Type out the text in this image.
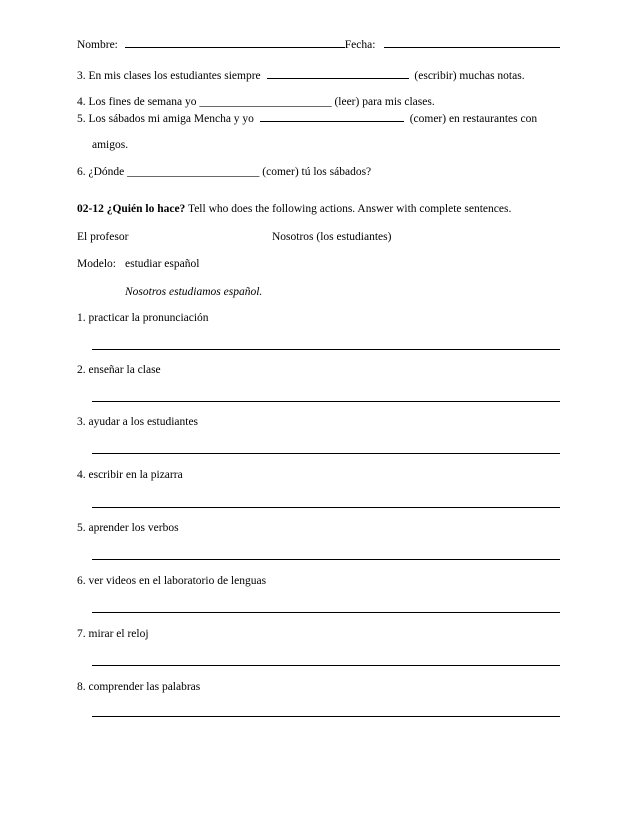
Nombre:	Fecha:
3. En mis clases los estudiantes siempre	(escribir) muchas notas.
4. Los fines de semana yo _______________________ (leer) para mis clases.
5. Los sábados mi amiga Mencha y yo	(comer) en restaurantes con
amigos.
6. ¿Dónde _______________________ (comer) tú los sábados?
02-12 ¿Quién lo hace? Tell who does the following actions. Answer with complete sentences.
El profesor	Nosotros (los estudiantes)
Modelo: estudiar español
Nosotros estudiamos español.
1. practicar la pronunciación
2. enseñar la clase
3. ayudar a los estudiantes
4. escribir en la pizarra
5. aprender los verbos
6. ver videos en el laboratorio de lenguas
7. mirar el reloj
8. comprender las palabras
